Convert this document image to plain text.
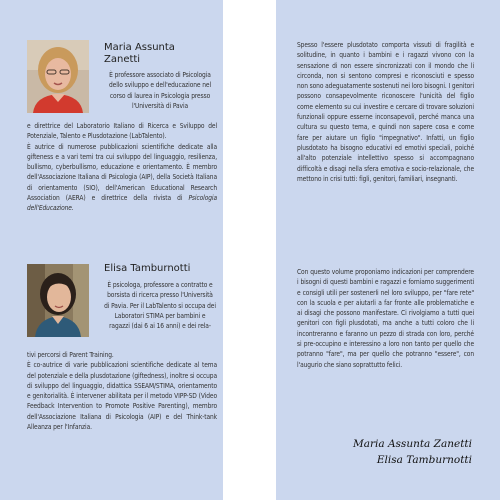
Maria Assunta
Zanetti
È professore associato di Psicologia dello sviluppo e dell'educazione nel corso di laurea in Psicologia presso l'Università di Pavia
e direttrice del Laboratorio Italiano di Ricerca e Sviluppo del Potenziale, Talento e Plusdotazione (LabTalento).
È autrice di numerose pubblicazioni scientifiche dedicate alla gifteness e a vari temi tra cui sviluppo del linguaggio, resilienza, bullismo, cyberbullismo, educazione e orientamento. È membro dell'Associazione Italiana di Psicologia (AIP), della Società Italiana di orientamento (SIO), dell'American Educational Research Association (AERA) e direttrice della rivista di Psicologia dell'Educazione.
Elisa Tamburnotti
È psicologa, professore a contratto e borsista di ricerca presso l'Università di Pavia. Per il LabTalento si occupa dei Laboratori STIMA per bambini e ragazzi (dai 6 ai 16 anni) e dei rela-
tivi percorsi di Parent Training.
È co-autrice di varie pubblicazioni scientifiche dedicate al tema del potenziale e della plusdotazione (giftedness), inoltre si occupa di sviluppo del linguaggio, didattica SSEAM/STIMA, orientamento e genitorialità. È intervener abilitata per il metodo VIPP-SD (Video Feedback Intervention to Promote Positive Parenting), membro dell'Associazione Italiana di Psicologia (AIP) e del Think-tank Alleanza per l'Infanzia.
Spesso l'essere plusdotato comporta vissuti di fragilità e solitudine, in quanto i bambini e i ragazzi vivono con la sensazione di non essere sincronizzati con il mondo che li circonda, non si sentono compresi e riconosciuti e spesso non sono adeguatamente sostenuti nei loro bisogni. I genitori possono consapevolmente riconoscere l'unicità del figlio come elemento su cui investire e cercare di trovare soluzioni funzionali oppure esserne inconsapevoli, perché manca una cultura su questo tema, e quindi non sapere cosa e come fare per aiutare un figlio "impegnativo". Infatti, un figlio plusdotato ha bisogno educativi ed emotivi speciali, poiché all'alto potenziale intellettivo spesso si accompagnano difficoltà e disagi nella sfera emotiva e socio-relazionale, che mettono in crisi tutti: figli, genitori, familiari, insegnanti.
Con questo volume proponiamo indicazioni per comprendere i bisogni di questi bambini e ragazzi e forniamo suggerimenti e consigli utili per sostenerli nel loro sviluppo, per "fare rete" con la scuola e per aiutarli a far fronte alle problematiche e ai disagi che possono manifestare. Ci rivolgiamo a tutti quei genitori con figli plusdotati, ma anche a tutti coloro che li incontreranno e faranno un pezzo di strada con loro, perché si pre-occupino e interessino a loro non tanto per quello che potranno "fare", ma per quello che potranno "essere", con l'augurio che siano soprattutto felici.
Maria Assunta Zanetti
Elisa Tamburnotti
